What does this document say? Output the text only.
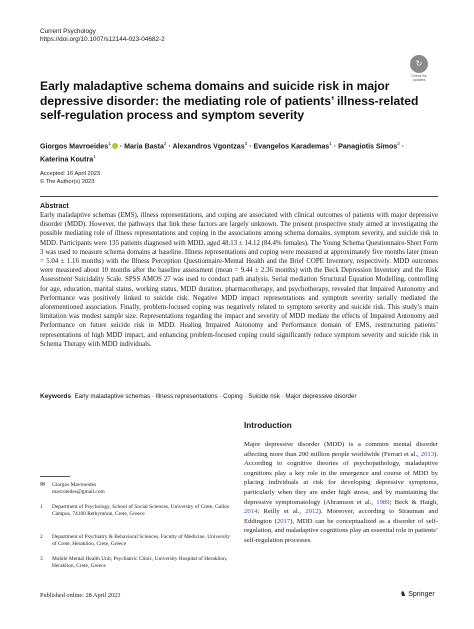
Current Psychology
https://doi.org/10.1007/s12144-023-04682-2
↻
Check for updates
Early maladaptive schema domains and suicide risk in major depressive disorder: the mediating role of patients’ illness-related self-regulation process and symptom severity
Giorgos Mavroeides$^1$ · Maria Basta$^2$ · Alexandros Vgontzas$^3$ · Evangelos Karademas$^1$ · Panagiotis Simos$^2$ ·
Katerina Koutra$^1$
Accepted: 16 April 2023
© The Author(s) 2023
Abstract

Early maladaptive schemas (EMS), illness representations, and coping are associated with clinical outcomes of patients with major depressive disorder (MDD). However, the pathways that link these factors are largely unknown. The present prospective study aimed at investigating the possible mediating role of illness representations and coping in the associations among schema domains, symptom severity, and suicide risk in MDD. Participants were 135 patients diagnosed with MDD, aged 48.13 ± 14.12 (84.4% females). The Young Schema Questionnaire-Short Form 3 was used to measure schema domains at baseline. Illness representations and coping were measured at approximately five months later (mean = 5.04 ± 1.16 months) with the Illness Perception Questionnaire-Mental Health and the Brief COPE Inventory, respectively. MDD outcomes were measured about 10 months after the baseline assessment (mean = 9.44 ± 2.36 months) with the Beck Depression Inventory and the Risk Assessment Suicidality Scale. SPSS AMOS 27 was used to conduct path analysis. Serial mediation Structural Equation Modelling, controlling for age, education, marital status, working status, MDD duration, pharmacotherapy, and psychotherapy, revealed that Impaired Autonomy and Performance was positively linked to suicide risk. Negative MDD impact representations and symptom severity serially mediated the aforementioned association. Finally, problem-focused coping was negatively related to symptom severity and suicide risk. This study’s main limitation was modest sample size. Representations regarding the impact and severity of MDD mediate the effects of Impaired Autonomy and Performance on future suicide risk in MDD. Healing Impaired Autonomy and Performance domain of EMS, restructuring patients’ representations of high MDD impact, and enhancing problem-focused coping could significantly reduce symptom severity and suicide risk in Schema Therapy with MDD individuals.

Keywords Early maladaptive schemas · Illness representations · Coping · Suicide risk · Major depressive disorder
Introduction

Major depressive disorder (MDD) is a common mental disorder affecting more than 290 million people worldwide (Ferrari et al., 2013). According to cognitive theories of psychopathology, maladaptive cognitions play a key role in the emergence and course of MDD by placing individuals at risk for developing depressive symptoms, particularly when they are under high stress, and by maintaining the depressive symptomatology (Abramson et al., 1989; Beck & Haigh, 2014; Reilly et al., 2012). Moreover, according to Strauman and Eddington (2017), MDD can be conceptualized as a disorder of self-regulation, and maladaptive cognitions play an essential role in patients’ self-regulation processes.

✉ Giorgos Mavroeides
mavroeides@gmail.com
1 Department of Psychology, School of Social Sciences, University of Crete, Gallos Campus, 74100 Rethymnon, Crete, Greece
2 Department of Psychiatry & Behavioral Sciences, Faculty of Medicine, University of Crete, Heraklion, Crete, Greece
3 Mobile Mental Health Unit, Psychiatric Clinic, University Hospital of Heraklion, Heraklion, Crete, Greece
Published online: 28 April 2023	♞ Springer
